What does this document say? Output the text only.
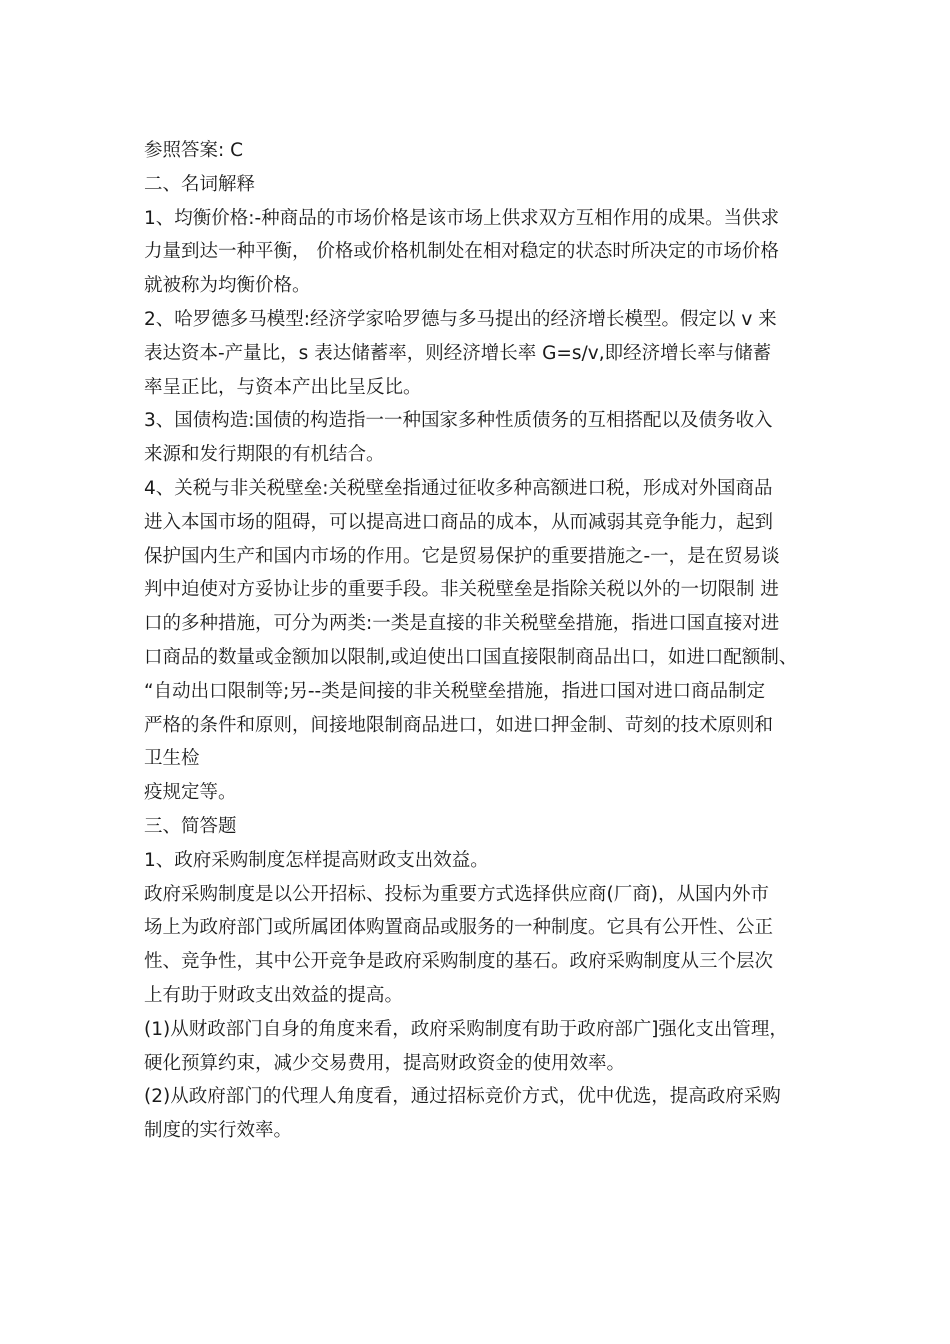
参照答案: C
二、名词解释
1、均衡价格:-种商品的市场价格是该市场上供求双方互相作用的成果。当供求
力量到达一种平衡， 价格或价格机制处在相对稳定的状态时所决定的市场价格
就被称为均衡价格。
2、哈罗德多马模型:经济学家哈罗德与多马提出的经济增长模型。假定以 v 来
表达资本-产量比，s 表达储蓄率，则经济增长率 G=s/v,即经济增长率与储蓄
率呈正比，与资本产出比呈反比。
3、国债构造:国债的构造指一一种国家多种性质债务的互相搭配以及债务收入
来源和发行期限的有机结合。
4、关税与非关税壁垒:关税壁垒指通过征收多种高额进口税，形成对外国商品
进入本国市场的阻碍，可以提高进口商品的成本，从而减弱其竞争能力，起到
保护国内生产和国内市场的作用。它是贸易保护的重要措施之-一，是在贸易谈
判中迫使对方妥协让步的重要手段。非关税壁垒是指除关税以外的一切限制 进
口的多种措施，可分为两类:一类是直接的非关税壁垒措施，指进口国直接对进
口商品的数量或金额加以限制,或迫使出口国直接限制商品出口，如进口配额制、
“自动出口限制等;另--类是间接的非关税壁垒措施，指进口国对进口商品制定
严格的条件和原则，间接地限制商品进口，如进口押金制、苛刻的技术原则和
卫生检
疫规定等。
三、简答题
1、政府采购制度怎样提高财政支出效益。
政府采购制度是以公开招标、投标为重要方式选择供应商(厂商)，从国内外市
场上为政府部门或所属团体购置商品或服务的一种制度。它具有公开性、公正
性、竞争性，其中公开竞争是政府采购制度的基石。政府采购制度从三个层次
上有助于财政支出效益的提高。
(1)从财政部门自身的角度来看，政府采购制度有助于政府部广]强化支出管理，
硬化预算约束，减少交易费用，提高财政资金的使用效率。
(2)从政府部门的代理人角度看，通过招标竞价方式，优中优选，提高政府采购
制度的实行效率。
